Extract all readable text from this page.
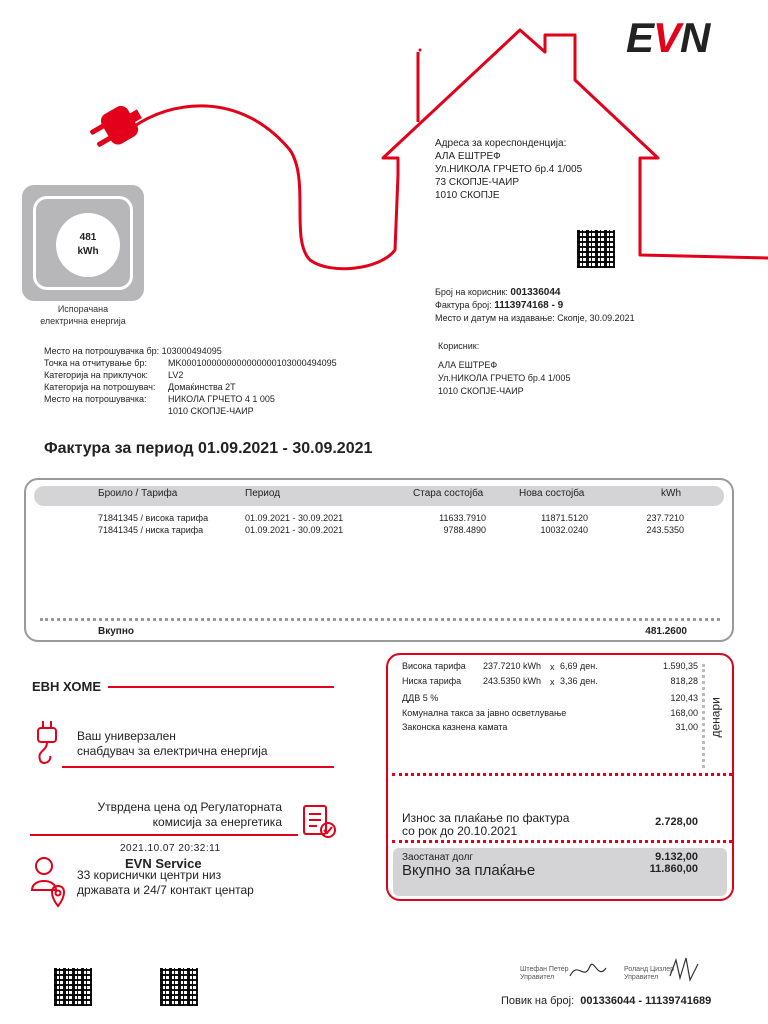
EVN
481
kWh
Испорачана
електрична енергија
Адреса за кореспонденција:
АЛА ЕШТРЕФ
Ул.НИКОЛА ГРЧЕТО бр.4 1/005
73 СКОПЈЕ-ЧАИР
1010 СКОПЈЕ
Број на корисник: 001336044
Фактура број: 1113974168 - 9
Место и датум на издавање: Скопје, 30.09.2021
Место на потрошувачка бр: 103000494095
Точка на отчитување бр:	MK0001000000000000000103000494095
Категорија на приклучок:	LV2
Категорија на потрошувач:	Домаќинства 2Т
Место на потрошувачка:	НИКОЛА ГРЧЕТО 4 1 005
1010 СКОПЈЕ-ЧАИР
Корисник:
АЛА ЕШТРЕФ
Ул.НИКОЛА ГРЧЕТО бр.4 1/005
1010 СКОПЈЕ-ЧАИР
Фактура за период 01.09.2021 - 30.09.2021
Броило / Тарифа	Период	Стара состојба	Нова состојба	kWh
71841345 / висока тарифа	01.09.2021 - 30.09.2021	11633.7910	11871.5120	237.7210
71841345 / ниска тарифа	01.09.2021 - 30.09.2021	9788.4890	10032.0240	243.5350
Вкупно	481.2600
ЕВН ХОМЕ
Ваш универзален
снабдувач за електрична енергија
Утврдена цена од Регулаторната
комисија за енергетика
2021.10.07 20:32:11
EVN Service
33 кориснички центри низ
државата и 24/7 контакт центар
Висока тарифа 237.7210 kWh x 6,69 ден.	1.590,35
Ниска тарифа 243.5350 kWh x 3,36 ден.	818,28
ДДВ 5 %	120,43
Комунална такса за јавно осветлување	168,00
Законска казнена камата	31,00 денари
Износ за плаќање по фактура
со рок до 20.10.2021
2.728,00
Заостанат долг	9.132,00
Вкупно за плаќање	11.860,00
Штефан Петер
Управител
Роланд Цизлер
Управител
Повик на број: 001336044 - 11139741689
